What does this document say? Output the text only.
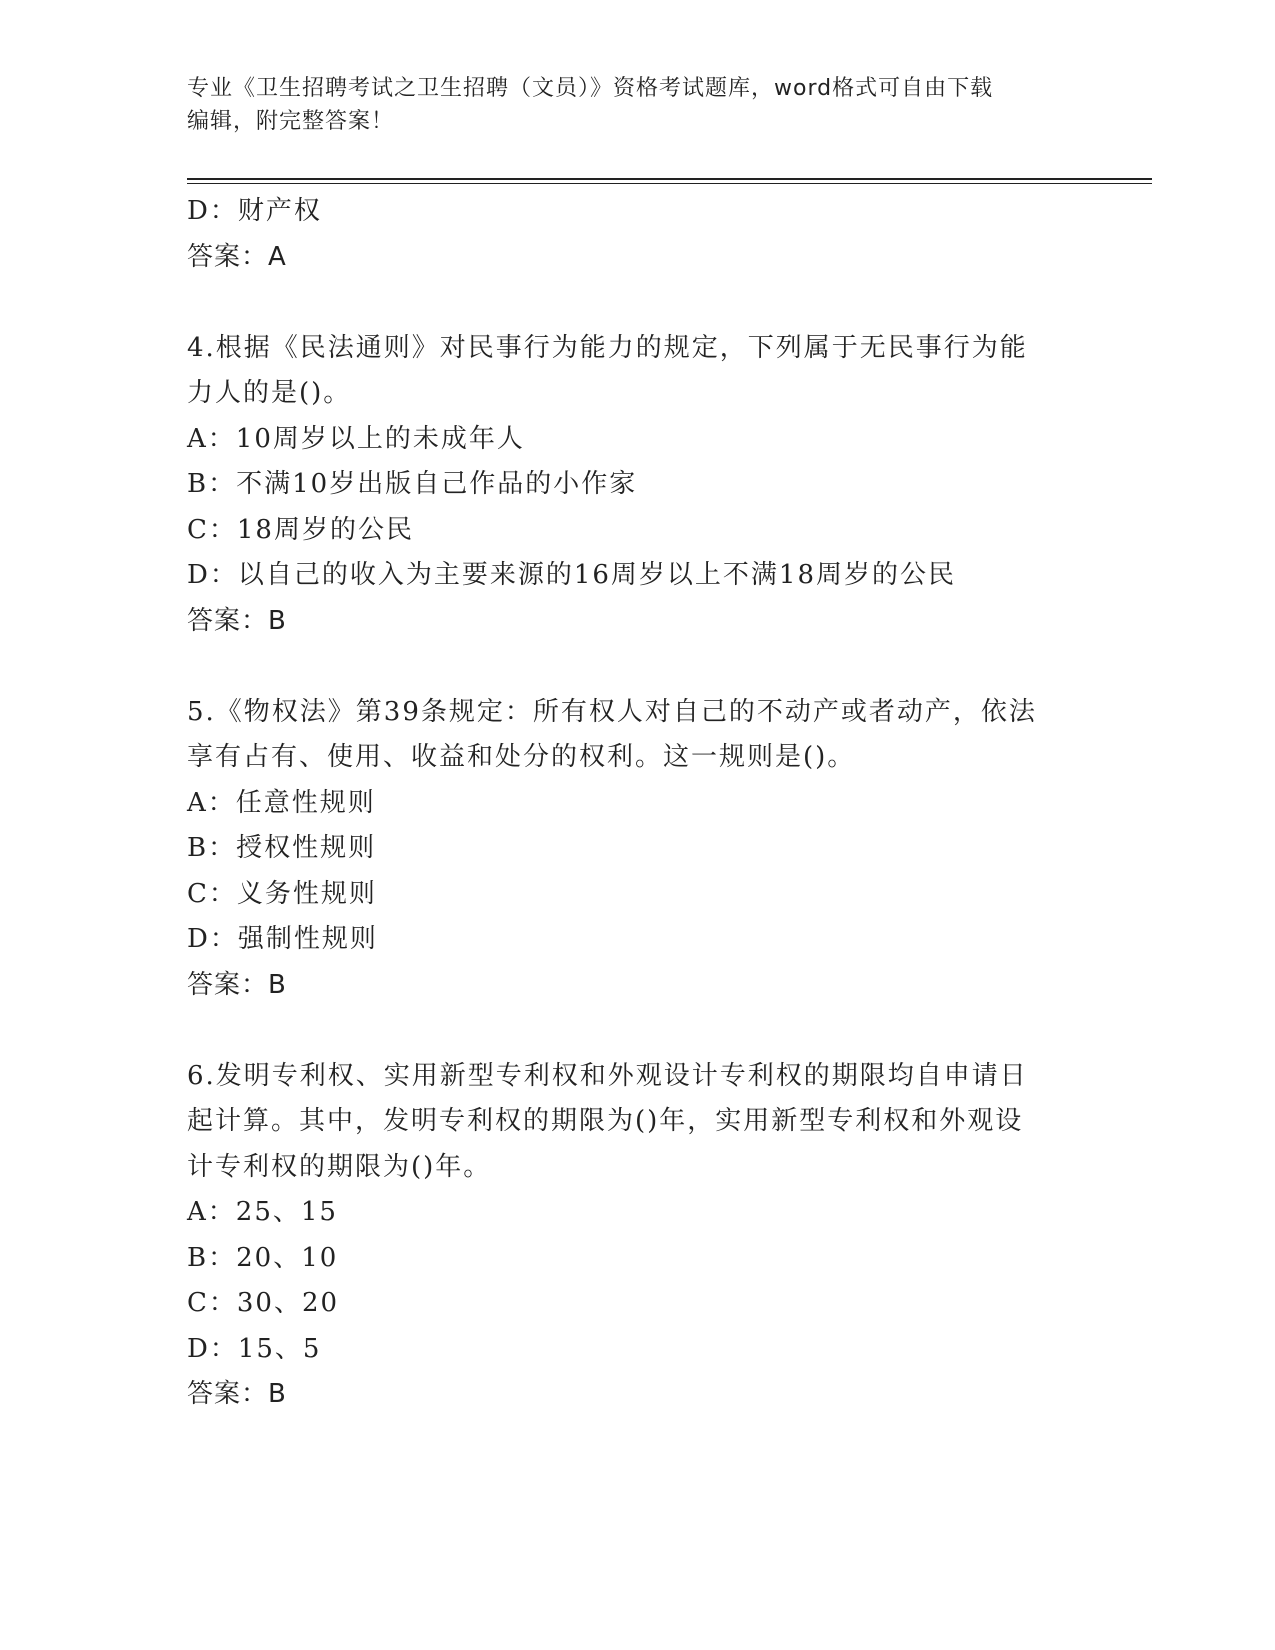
专业《卫生招聘考试之卫生招聘（文员）》资格考试题库，word格式可自由下载
编辑，附完整答案！
D：财产权
答案：A
4.根据《民法通则》对民事行为能力的规定，下列属于无民事行为能
力人的是()。
A：10周岁以上的未成年人
B：不满10岁出版自己作品的小作家
C：18周岁的公民
D：以自己的收入为主要来源的16周岁以上不满18周岁的公民
答案：B
5.《物权法》第39条规定：所有权人对自己的不动产或者动产，依法
享有占有、使用、收益和处分的权利。这一规则是()。
A：任意性规则
B：授权性规则
C：义务性规则
D：强制性规则
答案：B
6.发明专利权、实用新型专利权和外观设计专利权的期限均自申请日
起计算。其中，发明专利权的期限为()年，实用新型专利权和外观设
计专利权的期限为()年。
A：25、15
B：20、10
C：30、20
D：15、5
答案：B
